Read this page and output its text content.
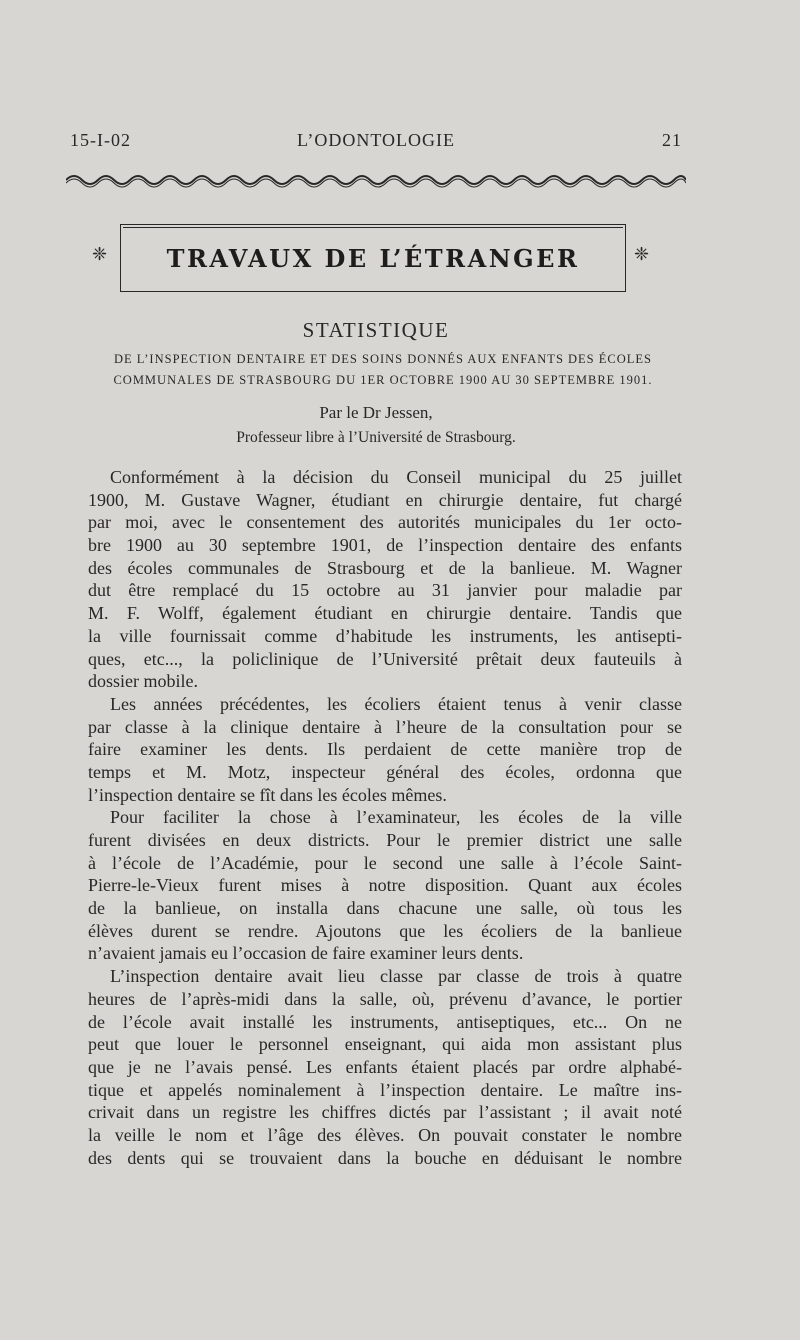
15-I-02	L’ODONTOLOGIE	21
❈ TRAVAUX DE L’ÉTRANGER	❈
STATISTIQUE
DE L’INSPECTION DENTAIRE ET DES SOINS DONNÉS AUX ENFANTS DES ÉCOLES
COMMUNALES DE STRASBOURG DU 1ER OCTOBRE 1900 AU 30 SEPTEMBRE 1901.
Par le Dr Jessen,
Professeur libre à l’Université de Strasbourg.
Conformément à la décision du Conseil municipal du 25 juillet
1900, M. Gustave Wagner, étudiant en chirurgie dentaire, fut chargé
par moi, avec le consentement des autorités municipales du 1er octo-
bre 1900 au 30 septembre 1901, de l’inspection dentaire des enfants
des écoles communales de Strasbourg et de la banlieue. M. Wagner
dut être remplacé du 15 octobre au 31 janvier pour maladie par
M. F. Wolff, également étudiant en chirurgie dentaire. Tandis que
la ville fournissait comme d’habitude les instruments, les antisepti-
ques, etc..., la policlinique de l’Université prêtait deux fauteuils à
dossier mobile.
Les années précédentes, les écoliers étaient tenus à venir classe
par classe à la clinique dentaire à l’heure de la consultation pour se
faire examiner les dents. Ils perdaient de cette manière trop de
temps et M. Motz, inspecteur général des écoles, ordonna que
l’inspection dentaire se fît dans les écoles mêmes.
Pour faciliter la chose à l’examinateur, les écoles de la ville
furent divisées en deux districts. Pour le premier district une salle
à l’école de l’Académie, pour le second une salle à l’école Saint-
Pierre-le-Vieux furent mises à notre disposition. Quant aux écoles
de la banlieue, on installa dans chacune une salle, où tous les
élèves durent se rendre. Ajoutons que les écoliers de la banlieue
n’avaient jamais eu l’occasion de faire examiner leurs dents.
L’inspection dentaire avait lieu classe par classe de trois à quatre
heures de l’après-midi dans la salle, où, prévenu d’avance, le portier
de l’école avait installé les instruments, antiseptiques, etc... On ne
peut que louer le personnel enseignant, qui aida mon assistant plus
que je ne l’avais pensé. Les enfants étaient placés par ordre alphabé-
tique et appelés nominalement à l’inspection dentaire. Le maître ins-
crivait dans un registre les chiffres dictés par l’assistant ; il avait noté
la veille le nom et l’âge des élèves. On pouvait constater le nombre
des dents qui se trouvaient dans la bouche en déduisant le nombre
